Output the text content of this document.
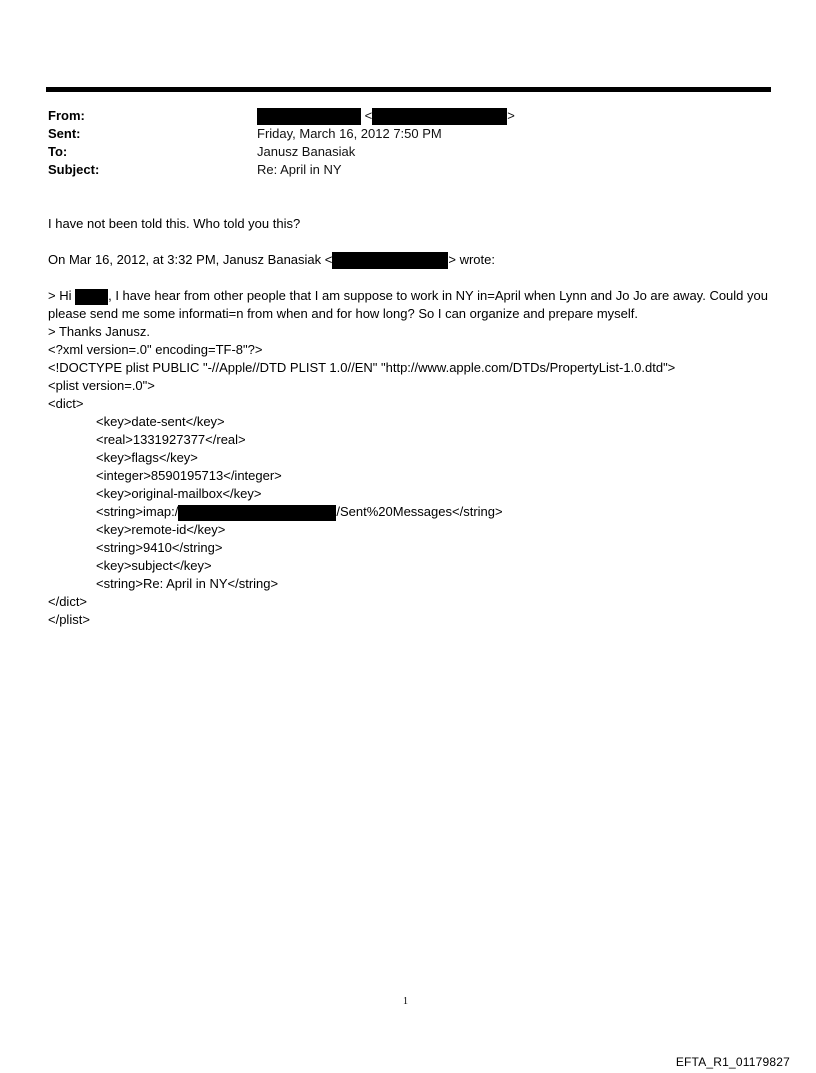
From:	<	>
Sent:	Friday, March 16, 2012 7:50 PM
To:	Janusz Banasiak
Subject:	Re: April in NY
I have not been told this. Who told you this?
On Mar 16, 2012, at 3:32 PM, Janusz Banasiak <	> wrote:
> Hi	, I have hear from other people that I am suppose to work in NY in=April when Lynn and Jo Jo are away. Could you please send me some informati=n from when and for how long? So I can organize and prepare myself.
> Thanks Janusz.
<?xml version=.0" encoding=TF-8"?>
<!DOCTYPE plist PUBLIC "-//Apple//DTD PLIST 1.0//EN" "http://www.apple.com/DTDs/PropertyList-1.0.dtd">
<plist version=.0">
<dict>
<key>date-sent</key>
<real>1331927377</real>
<key>flags</key>
<integer>8590195713</integer>
<key>original-mailbox</key>
<string>imap:/	/Sent%20Messages</string>
<key>remote-id</key>
<string>9410</string>
<key>subject</key>
<string>Re: April in NY</string>
</dict>
</plist>
1
EFTA_R1_01179827
